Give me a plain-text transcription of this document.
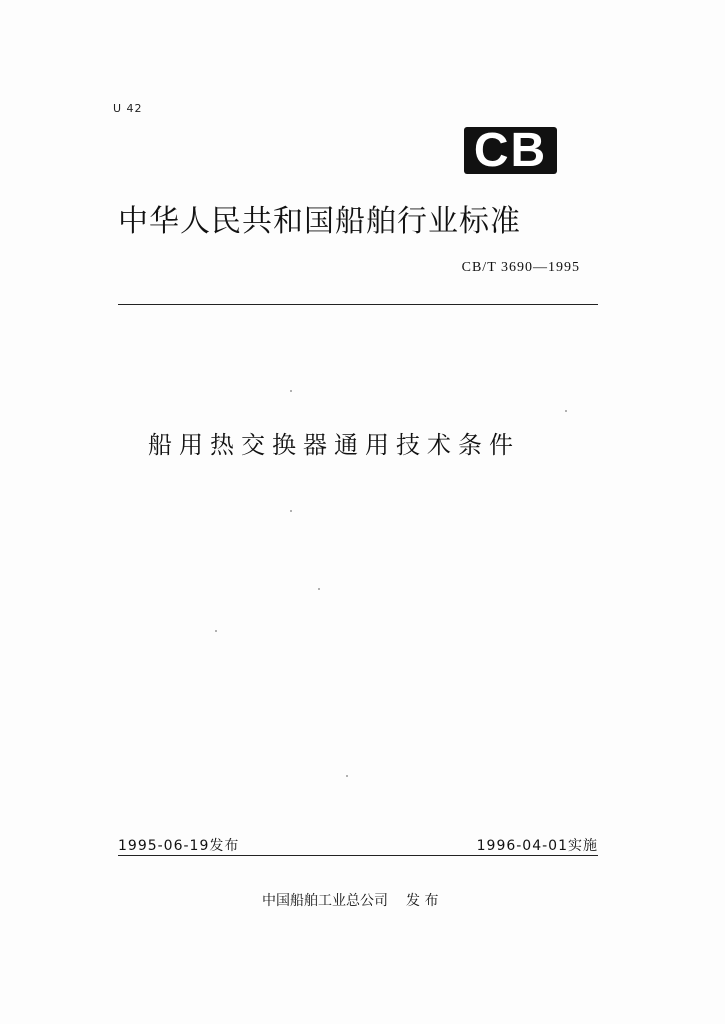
U 42
CB
中华人民共和国船舶行业标准
CB/T 3690—1995
船用热交换器通用技术条件
1995-06-19发布	1996-04-01实施
中国船舶工业总公司 发 布
